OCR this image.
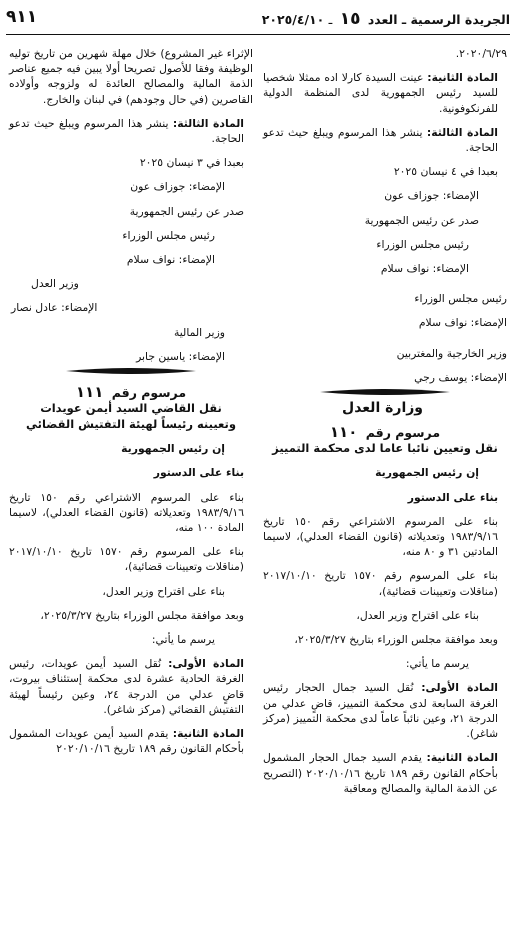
الجريدة الرسمية ـ العدد ١٥ ـ ٢٠٢٥/٤/١٠
٩١١

٢٠٢٠/٦/٢٩.

المادة الثانية: عينت السيدة كارلا اده ممثلا شخصيا للسيد رئيس الجمهورية لدى المنظمة الدولية للفرنكوفونية.

المادة الثالثة: ينشر هذا المرسوم ويبلغ حيث تدعو الحاجة.

بعبدا في ٤ نيسان ٢٠٢٥

الإمضاء: جوزاف عون

صدر عن رئيس الجمهورية

رئيس مجلس الوزراء

الإمضاء: نواف سلام

رئيس مجلس الوزراء

الإمضاء: نواف سلام

وزير الخارجية والمغتربين

الإمضاء: يوسف رجي

وزارة العدل

مرسوم رقم ١١٠

نقل وتعيين نائبا عاما لدى محكمة التمييز

إن رئيس الجمهورية

بناء على الدستور

بناء على المرسوم الاشتراعي رقم ١٥٠ تاريخ ١٩٨٣/٩/١٦ وتعديلاته (قانون القضاء العدلي)، لاسيما المادتين ٣١ و ٨٠ منه،

بناء على المرسوم رقم ١٥٧٠ تاريخ ٢٠١٧/١٠/١٠ (مناقلات وتعيينات قضائية)،

بناء على اقتراح وزير العدل،

وبعد موافقة مجلس الوزراء بتاريخ ٢٠٢٥/٣/٢٧،

يرسم ما يأتي:

المادة الأولى: نُقل السيد جمال الحجار رئيس الغرفة السابعة لدى محكمة التمييز، قاضٍ عدلي من الدرجة ٢١، وعين نائباً عاماً لدى محكمة التمييز (مركز شاغر).

المادة الثانية: يقدم السيد جمال الحجار المشمول بأحكام القانون رقم ١٨٩ تاريخ ٢٠٢٠/١٠/١٦ (التصريح عن الذمة المالية والمصالح ومعاقبة

الإثراء غير المشروع) خلال مهلة شهرين من تاريخ توليه الوظيفة وفقا للأصول تصريحا أولا يبين فيه جميع عناصر الذمة المالية والمصالح العائدة له ولزوجه وأولاده القاصرين (في حال وجودهم) في لبنان والخارج.

المادة الثالثة: ينشر هذا المرسوم ويبلغ حيث تدعو الحاجة.

بعبدا في ٣ نيسان ٢٠٢٥

الإمضاء: جوزاف عون

صدر عن رئيس الجمهورية

رئيس مجلس الوزراء

الإمضاء: نواف سلام

وزير العدل

الإمضاء: عادل نصار

وزير المالية

الإمضاء: ياسين جابر

مرسوم رقم ١١١

نقل القاضي السيد أيمن عويدات

وتعيينه رئيساً لهيئة التفتيش القضائي

إن رئيس الجمهورية

بناء على الدستور

بناء على المرسوم الاشتراعي رقم ١٥٠ تاريخ ١٩٨٣/٩/١٦ وتعديلاته (قانون القضاء العدلي)، لاسيما المادة ١٠٠ منه،

بناء على المرسوم رقم ١٥٧٠ تاريخ ٢٠١٧/١٠/١٠ (مناقلات وتعيينات قضائية)،

بناء على اقتراح وزير العدل،

وبعد موافقة مجلس الوزراء بتاريخ ٢٠٢٥/٣/٢٧،

يرسم ما يأتي:

المادة الأولى: نُقل السيد أيمن عويدات، رئيس الغرفة الحادية عشرة لدى محكمة إستئناف بيروت، قاضٍ عدلي من الدرجة ٢٤، وعين رئيساً لهيئة التفتيش القضائي (مركز شاغر).

المادة الثانية: يقدم السيد أيمن عويدات المشمول بأحكام القانون رقم ١٨٩ تاريخ ٢٠٢٠/١٠/١٦
